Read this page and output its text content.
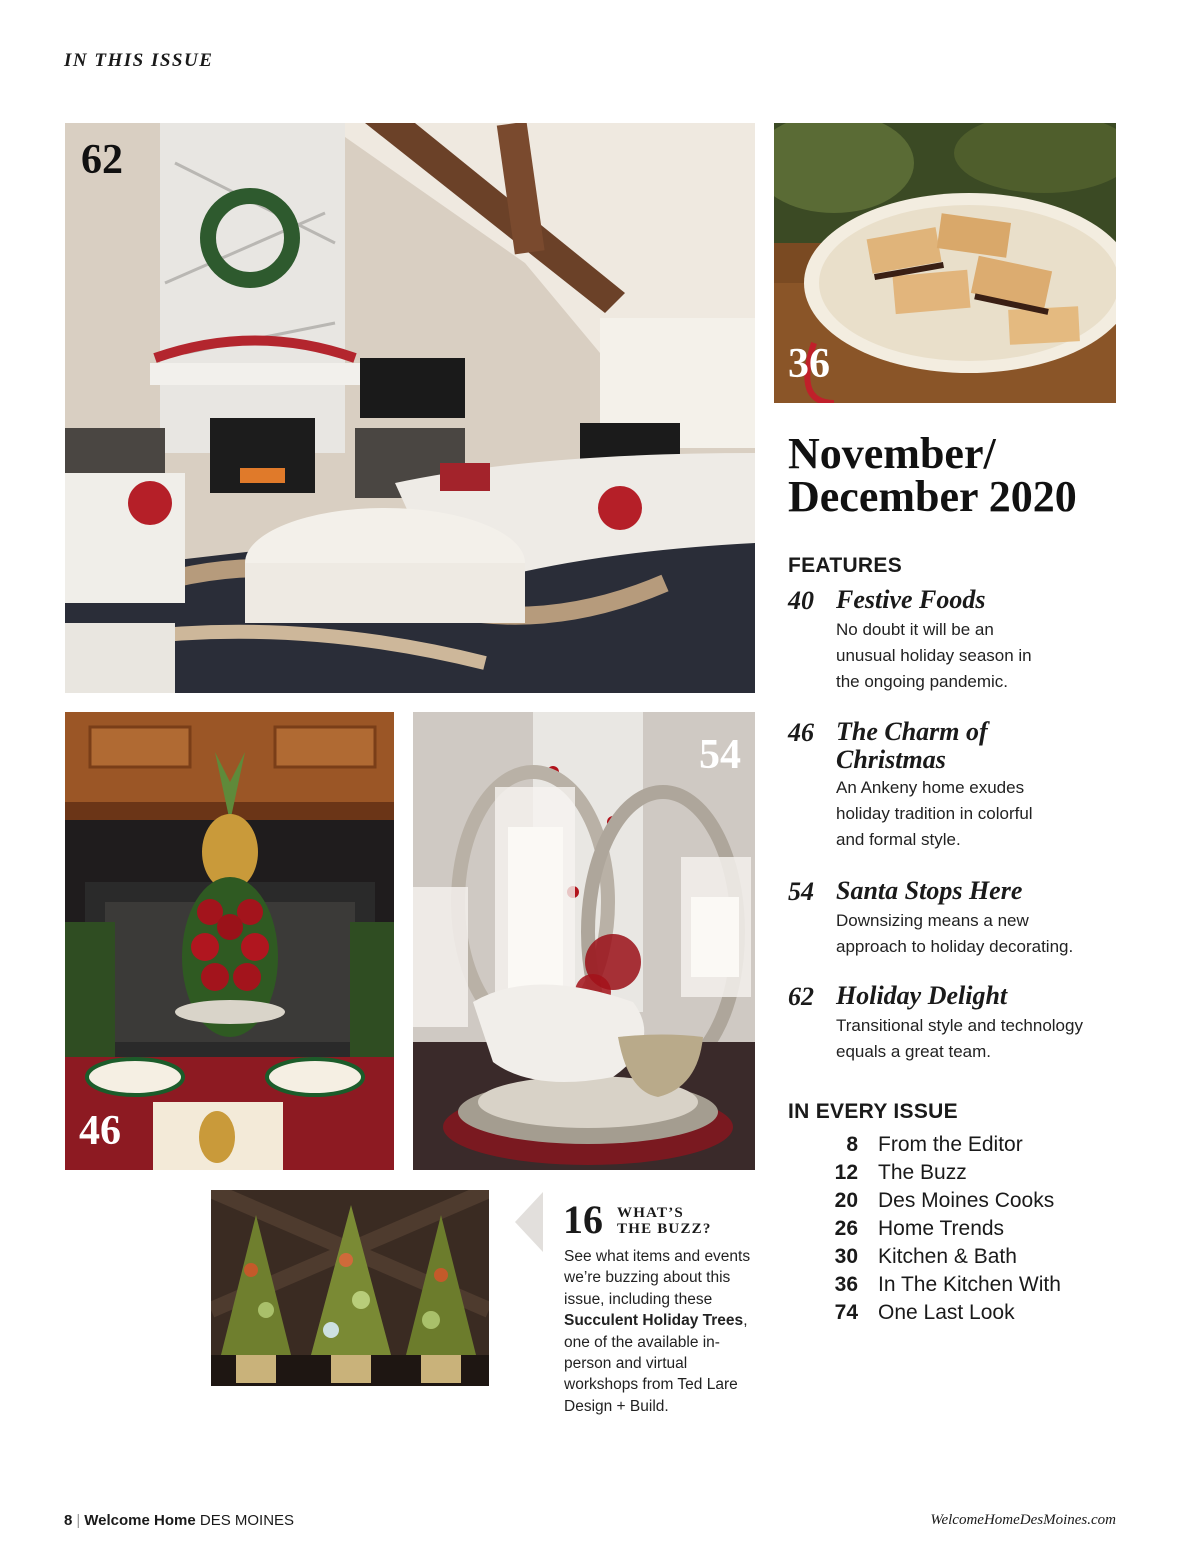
IN THIS ISSUE
62
36
46
54
November/
December 2020
FEATURES
40 Festive Foods
No doubt it will be an
unusual holiday season in
the ongoing pandemic.
46 The Charm of Christmas
An Ankeny home exudes
holiday tradition in colorful
and formal style.
54 Santa Stops Here
Downsizing means a new
approach to holiday decorating.
62 Holiday Delight
Transitional style and technology
equals a great team.
IN EVERY ISSUE
8 From the Editor
12 The Buzz
20 Des Moines Cooks
26 Home Trends
30 Kitchen & Bath
36 In The Kitchen With
74 One Last Look
16 WHAT’S
THE BUZZ?
See what items and events we’re buzzing about this issue, including these Succulent Holiday Trees, one of the available in-person and virtual workshops from Ted Lare Design + Build.
8 | Welcome Home DES MOINES	WelcomeHomeDesMoines.com
